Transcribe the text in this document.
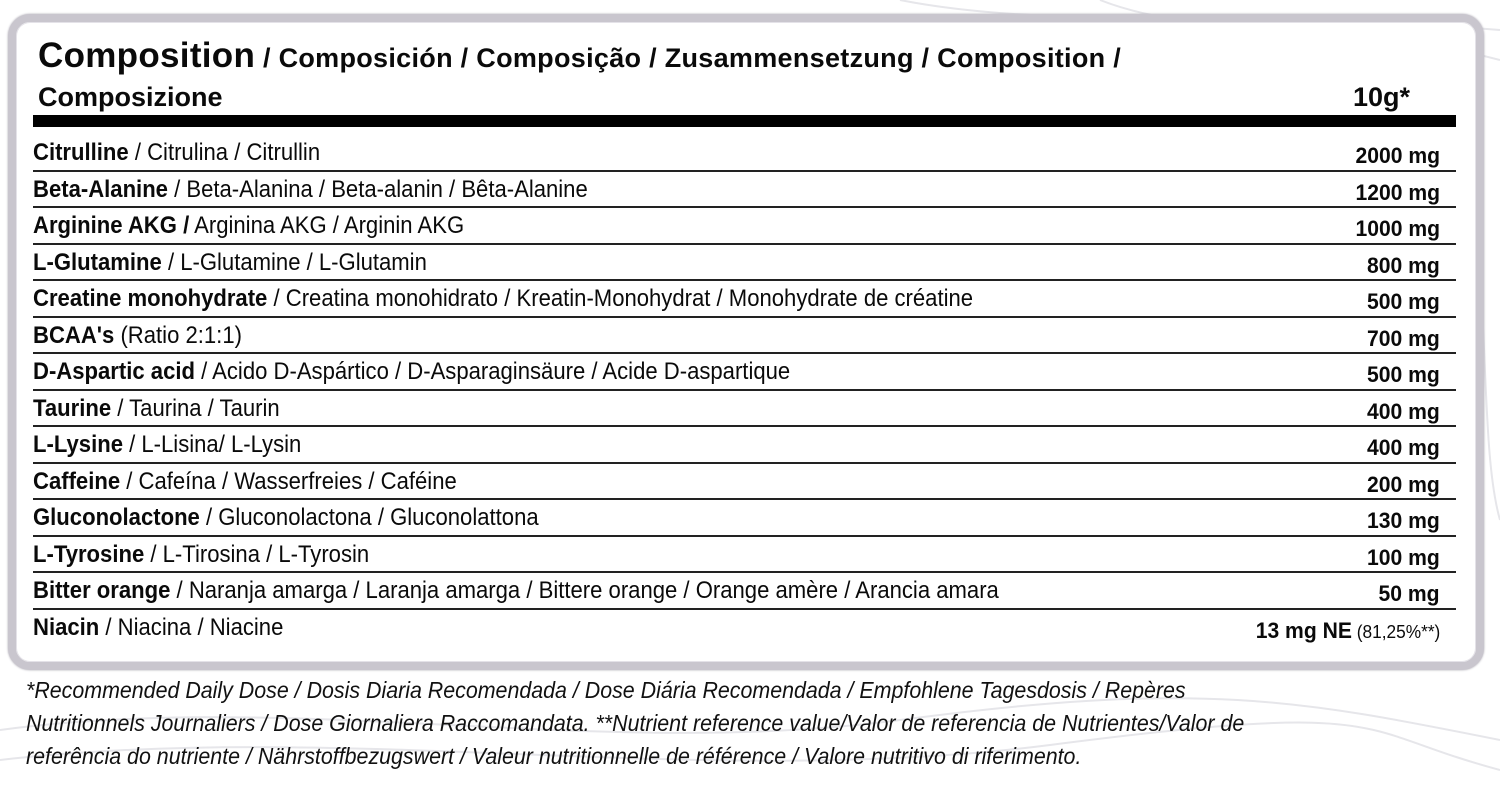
Composition / Composición / Composição / Zusammensetzung / Composition /
Composizione	10g*
Citrulline / Citrulina / Citrullin	2000 mg
Beta-Alanine / Beta-Alanina / Beta-alanin / Bêta-Alanine	1200 mg
Arginine AKG / Arginina AKG / Arginin AKG	1000 mg
L-Glutamine / L-Glutamine / L-Glutamin	800 mg
Creatine monohydrate / Creatina monohidrato / Kreatin-Monohydrat / Monohydrate de créatine	500 mg
BCAA's (Ratio 2:1:1)	700 mg
D-Aspartic acid / Acido D-Aspártico / D-Asparaginsäure / Acide D-aspartique	500 mg
Taurine / Taurina / Taurin	400 mg
L-Lysine / L-Lisina/ L-Lysin	400 mg
Caffeine / Cafeína / Wasserfreies / Caféine	200 mg
Gluconolactone / Gluconolactona / Gluconolattona	130 mg
L-Tyrosine / L-Tirosina / L-Tyrosin	100 mg
Bitter orange / Naranja amarga / Laranja amarga / Bittere orange / Orange amère / Arancia amara	50 mg
Niacin / Niacina / Niacine	13 mg NE (81,25%**)
*Recommended Daily Dose / Dosis Diaria Recomendada / Dose Diária Recomendada / Empfohlene Tagesdosis / Repères
Nutritionnels Journaliers / Dose Giornaliera Raccomandata. **Nutrient reference value/Valor de referencia de Nutrientes/Valor de
referência do nutriente / Nährstoffbezugswert / Valeur nutritionnelle de référence / Valore nutritivo di riferimento.
